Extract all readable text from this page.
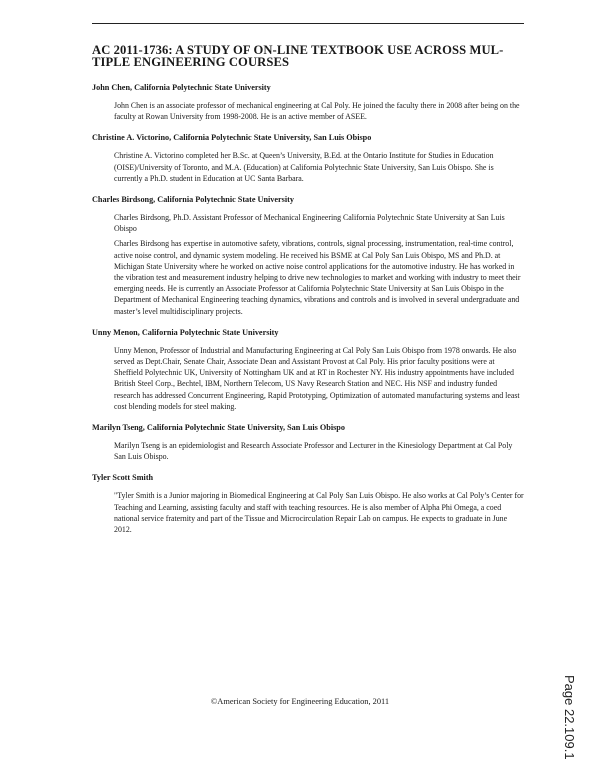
AC 2011-1736: A STUDY OF ON-LINE TEXTBOOK USE ACROSS MUL-
TIPLE ENGINEERING COURSES
John Chen, California Polytechnic State University

John Chen is an associate professor of mechanical engineering at Cal Poly. He joined the faculty there in 2008 after being on the faculty at Rowan University from 1998-2008. He is an active member of ASEE.

Christine A. Victorino, California Polytechnic State University, San Luis Obispo

Christine A. Victorino completed her B.Sc. at Queen’s University, B.Ed. at the Ontario Institute for Studies in Education (OISE)/University of Toronto, and M.A. (Education) at California Polytechnic State University, San Luis Obispo. She is currently a Ph.D. student in Education at UC Santa Barbara.

Charles Birdsong, California Polytechnic State University

Charles Birdsong, Ph.D. Assistant Professor of Mechanical Engineering California Polytechnic State University at San Luis Obispo

Charles Birdsong has expertise in automotive safety, vibrations, controls, signal processing, instrumentation, real-time control, active noise control, and dynamic system modeling. He received his BSME at Cal Poly San Luis Obispo, MS and Ph.D. at Michigan State University where he worked on active noise control applications for the automotive industry. He has worked in the vibration test and measurement industry helping to drive new technologies to market and working with industry to meet their emerging needs. He is currently an Associate Professor at California Polytechnic State University at San Luis Obispo in the Department of Mechanical Engineering teaching dynamics, vibrations and controls and is involved in several undergraduate and master’s level multidisciplinary projects.

Unny Menon, California Polytechnic State University

Unny Menon, Professor of Industrial and Manufacturing Engineering at Cal Poly San Luis Obispo from 1978 onwards. He also served as Dept.Chair, Senate Chair, Associate Dean and Assistant Provost at Cal Poly. His prior faculty positions were at Sheffield Polytechnic UK, University of Nottingham UK and at RT in Rochester NY. His industry appointments have included British Steel Corp., Bechtel, IBM, Northern Telecom, US Navy Research Station and NEC. His NSF and industry funded research has addressed Concurrent Engineering, Rapid Prototyping, Optimization of automated manufacturing systems and least cost blending models for steel making.

Marilyn Tseng, California Polytechnic State University, San Luis Obispo

Marilyn Tseng is an epidemiologist and Research Associate Professor and Lecturer in the Kinesiology Department at Cal Poly San Luis Obispo.

Tyler Scott Smith

"Tyler Smith is a Junior majoring in Biomedical Engineering at Cal Poly San Luis Obispo. He also works at Cal Poly’s Center for Teaching and Learning, assisting faculty and staff with teaching resources. He is also member of Alpha Phi Omega, a coed national service fraternity and part of the Tissue and Microcirculation Repair Lab on campus. He expects to graduate in June 2012.

©American Society for Engineering Education, 2011	Page 22.109.1
